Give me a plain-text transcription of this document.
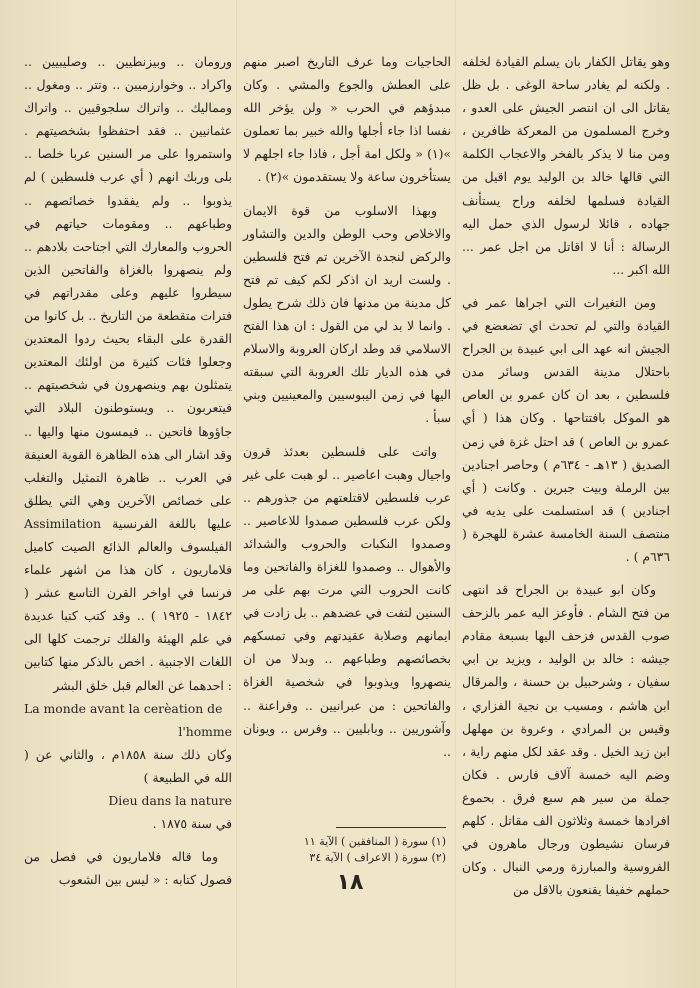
وهو يقاتل الكفار بان يسلم القيادة لخلفه . ولكنه لم يغادر ساحة الوغى . بل ظل يقاتل الى ان انتصر الجيش على العدو ، وخرج المسلمون من المعركة ظافرين ، ومن منا لا يذكر بالفخر والاعجاب الكلمة التي قالها خالد بن الوليد يوم اقيل من القيادة فسلمها لخلفه وراح يستأنف جهاده ، قائلا لرسول الذي حمل اليه الرسالة : أنا لا اقاتل من اجل عمر ... الله اكبر ...

ومن التغيرات التي اجراها عمر في القيادة والتي لم تحدث اي تضعضع في الجيش انه عهد الى ابي عبيدة بن الجراح باحتلال مدينة القدس وسائر مدن فلسطين ، بعد ان كان عمرو بن العاص هو الموكل بافتتاحها . وكان هذا ( أي عمرو بن العاص ) قد احتل غزة في زمن الصديق ( ١٣هـ - ٦٣٤م ) وحاصر اجنادين بين الرملة وبيت جبرين . وكانت ( أي اجنادين ) قد استسلمت على يديه في منتصف السنة الخامسة عشرة للهجرة ( ٦٣٦م ) .

وكان ابو عبيدة بن الجراح قد انتهى من فتح الشام . فأوعز اليه عمر بالزحف صوب القدس فزحف اليها بسبعة مقادم جيشه : خالد بن الوليد ، ويزيد بن ابي سفيان ، وشرحبيل بن حسنة ، والمرقال ابن هاشم ، ومسيب بن نجية الفزاري ، وقيس بن المرادي ، وعروة بن مهلهل ابن زيد الخيل . وقد عقد لكل منهم راية ، وضم اليه خمسة آلاف فارس . فكان جملة من سير هم سبع فرق . بحموع افرادها خمسة وثلاثون الف مقاتل . كلهم فرسان نشيطون ورجال ماهرون في الفروسية والمبارزة ورمي النبال . وكان حملهم خفيفا يقنعون بالاقل من

الحاجيات وما عرف التاريخ اصبر منهم على العطش والجوع والمشي . وكان مبدؤهم في الحرب « ولن يؤخر الله نفسا اذا جاء أجلها والله خبير بما تعملون »(١) « ولكل امة أجل ، فاذا جاء اجلهم لا يستأخرون ساعة ولا يستقدمون »(٢) .

وبهذا الاسلوب من قوة الايمان والاخلاص وحب الوطن والدين والتشاور والركض لنجدة الآخرين تم فتح فلسطين . ولست اريد ان اذكر لكم كيف تم فتح كل مدينة من مدنها فان ذلك شرح يطول . وانما لا بد لي من القول : ان هذا الفتح الاسلامي قد وطد اركان العروبة والاسلام في هذه الديار تلك العروبة التي سبقته اليها في زمن اليبوسيين والمعينيين وبني سبأ .

واتت على فلسطين بعدئذ قرون واجيال وهبت اعاصير .. لو هبت على غير عرب فلسطين لاقتلعتهم من جذورهم .. ولكن عرب فلسطين صمدوا للاعاصير .. وصمدوا النكبات والحروب والشدائد والأهوال .. وصمدوا للغزاة والفاتحين وما كانت الحروب التي مرت بهم على مر السنين لتفت في عضدهم .. بل زادت في ايمانهم وصلابة عقيدتهم وفي تمسكهم بخصائصهم وطباعهم .. وبدلا من ان ينصهروا ويذوبوا في شخصية الغزاة والفاتحين : من عبرانيين .. وفراعنة .. وآشوريين .. وبابليين .. وفرس .. ويونان ..

ورومان .. وبيزنطيين .. وصليبيين .. واكراد .. وخوارزميين .. وتتر .. ومغول .. ومماليك .. واتراك سلجوقيين .. واتراك عثمانيين .. فقد احتفظوا بشخصيتهم . واستمروا على مر السنين عربا خلصا .. بلى وربك انهم ( أي عرب فلسطين ) لم يذوبوا .. ولم يفقدوا خصائصهم .. وطباعهم .. ومقومات حياتهم في الحروب والمعارك التي اجتاحت بلادهم .. ولم ينصهروا بالغزاة والفاتحين الذين سيطروا عليهم وعلى مقدراتهم في فترات متقطعة من التاريخ .. بل كانوا من القدرة على البقاء بحيث ردوا المعتدين وجعلوا فئات كثيرة من اولئك المعتدين يتمثلون بهم وينصهرون في شخصيتهم .. فيتعربون .. ويستوطنون البلاد التي جاؤوها فاتحين .. فيمسون منها واليها .. وقد اشار الى هذه الظاهرة القوية العنيفة في العرب .. ظاهرة التمثيل والتغلب على خصائص الآخرين وهي التي يطلق عليها باللغة الفرنسية Assimilation الفيلسوف والعالم الذائع الصيت كاميل فلاماريون ، كان هذا من اشهر علماء فرنسا في اواخر القرن التاسع عشر ( ١٨٤٢ - ١٩٢٥ ) .. وقد كتب كتبا عديدة في علم الهيئة والفلك ترجمت كلها الى اللغات الاجنبية . اخص بالذكر منها كتابين : احدهما عن العالم قبل خلق البشر
La monde avant la cerèation de l'homme
وكان ذلك سنة ١٨٥٨م ، والثاني عن ( الله في الطبيعة )
Dieu dans la nature
في سنة ١٨٧٥ .

وما قاله فلاماريون في فصل من فصول كتابه : « ليس بين الشعوب

(١) سورة ( المنافقين ) الآية ١١
(٢) سورة ( الاعراف ) الآية ٣٤
١٨
